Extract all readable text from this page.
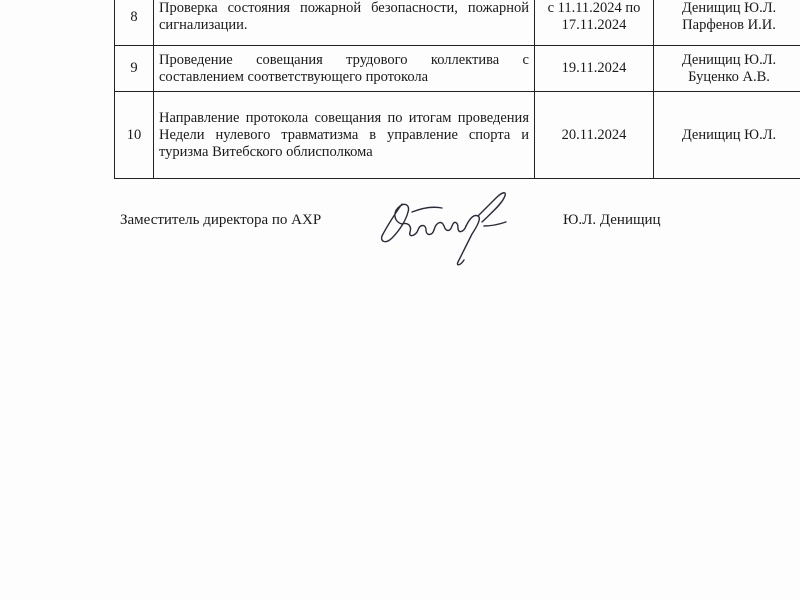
8	Проверка состояния пожарной безопасности, пожарной сигнализации.	с 11.11.2024 по 17.11.2024	Денищиц Ю.Л. Парфенов И.И.
9	Проведение совещания трудового коллектива с составлением соответствующего протокола	19.11.2024	Денищиц Ю.Л. Буценко А.В.
10	Направление протокола совещания по итогам проведения Недели нулевого травматизма в управление спорта и туризма Витебского облисполкома	20.11.2024	Денищиц Ю.Л.
Заместитель директора по АХР	Ю.Л. Денищиц
